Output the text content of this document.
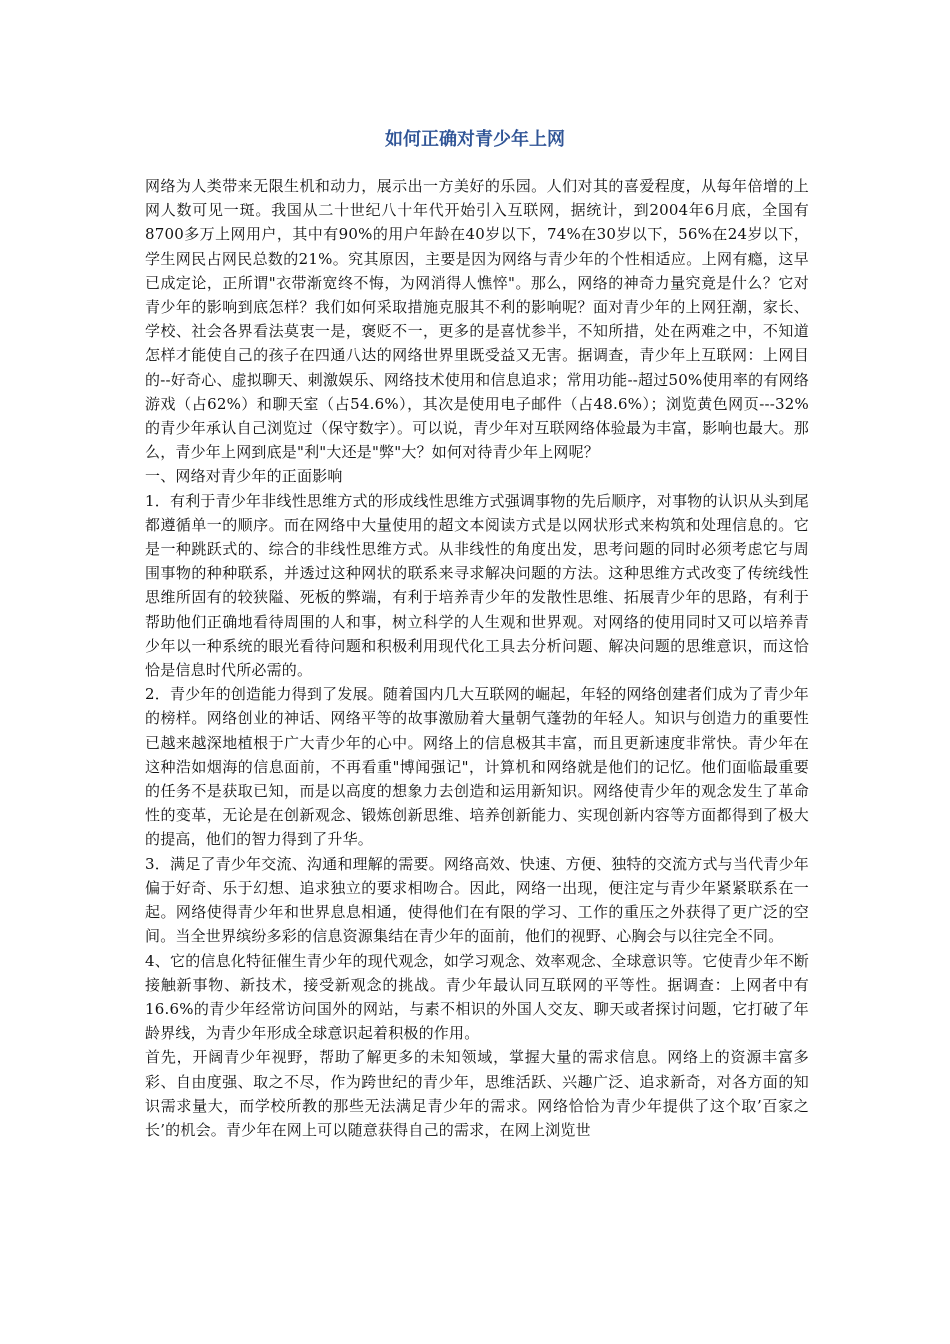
如何正确对青少年上网

网络为人类带来无限生机和动力，展示出一方美好的乐园。人们对其的喜爱程度，从每年倍增的上网人数可见一斑。我国从二十世纪八十年代开始引入互联网，据统计，到2004年6月底，全国有8700多万上网用户，其中有90%的用户年龄在40岁以下，74%在30岁以下，56%在24岁以下，学生网民占网民总数的21%。究其原因，主要是因为网络与青少年的个性相适应。上网有瘾，这早已成定论，正所谓"衣带渐宽终不悔，为网消得人憔悴"。那么，网络的神奇力量究竟是什么？它对青少年的影响到底怎样？我们如何采取措施克服其不利的影响呢？面对青少年的上网狂潮，家长、学校、社会各界看法莫衷一是，褒贬不一，更多的是喜忧参半，不知所措，处在两难之中，不知道怎样才能使自己的孩子在四通八达的网络世界里既受益又无害。据调查，青少年上互联网：上网目的--好奇心、虚拟聊天、刺激娱乐、网络技术使用和信息追求；常用功能--超过50%使用率的有网络游戏（占62%）和聊天室（占54.6%），其次是使用电子邮件（占48.6%）；浏览黄色网页---32%的青少年承认自己浏览过（保守数字）。可以说，青少年对互联网络体验最为丰富，影响也最大。那么，青少年上网到底是"利"大还是"弊"大？如何对待青少年上网呢？

一、网络对青少年的正面影响

1．有利于青少年非线性思维方式的形成线性思维方式强调事物的先后顺序，对事物的认识从头到尾都遵循单一的顺序。而在网络中大量使用的超文本阅读方式是以网状形式来构筑和处理信息的。它是一种跳跃式的、综合的非线性思维方式。从非线性的角度出发，思考问题的同时必须考虑它与周围事物的种种联系，并透过这种网状的联系来寻求解决问题的方法。这种思维方式改变了传统线性思维所固有的较狭隘、死板的弊端，有利于培养青少年的发散性思维、拓展青少年的思路，有利于帮助他们正确地看待周围的人和事，树立科学的人生观和世界观。对网络的使用同时又可以培养青少年以一种系统的眼光看待问题和积极利用现代化工具去分析问题、解决问题的思维意识，而这恰恰是信息时代所必需的。

2．青少年的创造能力得到了发展。随着国内几大互联网的崛起，年轻的网络创建者们成为了青少年的榜样。网络创业的神话、网络平等的故事激励着大量朝气蓬勃的年轻人。知识与创造力的重要性已越来越深地植根于广大青少年的心中。网络上的信息极其丰富，而且更新速度非常快。青少年在这种浩如烟海的信息面前，不再看重"博闻强记"，计算机和网络就是他们的记忆。他们面临最重要的任务不是获取已知，而是以高度的想象力去创造和运用新知识。网络使青少年的观念发生了革命性的变革，无论是在创新观念、锻炼创新思维、培养创新能力、实现创新内容等方面都得到了极大的提高，他们的智力得到了升华。

3．满足了青少年交流、沟通和理解的需要。网络高效、快速、方便、独特的交流方式与当代青少年偏于好奇、乐于幻想、追求独立的要求相吻合。因此，网络一出现，便注定与青少年紧紧联系在一起。网络使得青少年和世界息息相通，使得他们在有限的学习、工作的重压之外获得了更广泛的空间。当全世界缤纷多彩的信息资源集结在青少年的面前，他们的视野、心胸会与以往完全不同。

4、它的信息化特征催生青少年的现代观念，如学习观念、效率观念、全球意识等。它使青少年不断接触新事物、新技术，接受新观念的挑战。青少年最认同互联网的平等性。据调查：上网者中有16.6%的青少年经常访问国外的网站，与素不相识的外国人交友、聊天或者探讨问题，它打破了年龄界线，为青少年形成全球意识起着积极的作用。

首先，开阔青少年视野，帮助了解更多的未知领域，掌握大量的需求信息。网络上的资源丰富多彩、自由度强、取之不尽，作为跨世纪的青少年，思维活跃、兴趣广泛、追求新奇，对各方面的知识需求量大，而学校所教的那些无法满足青少年的需求。网络恰恰为青少年提供了这个取’百家之长’的机会。青少年在网上可以随意获得自己的需求，在网上浏览世
